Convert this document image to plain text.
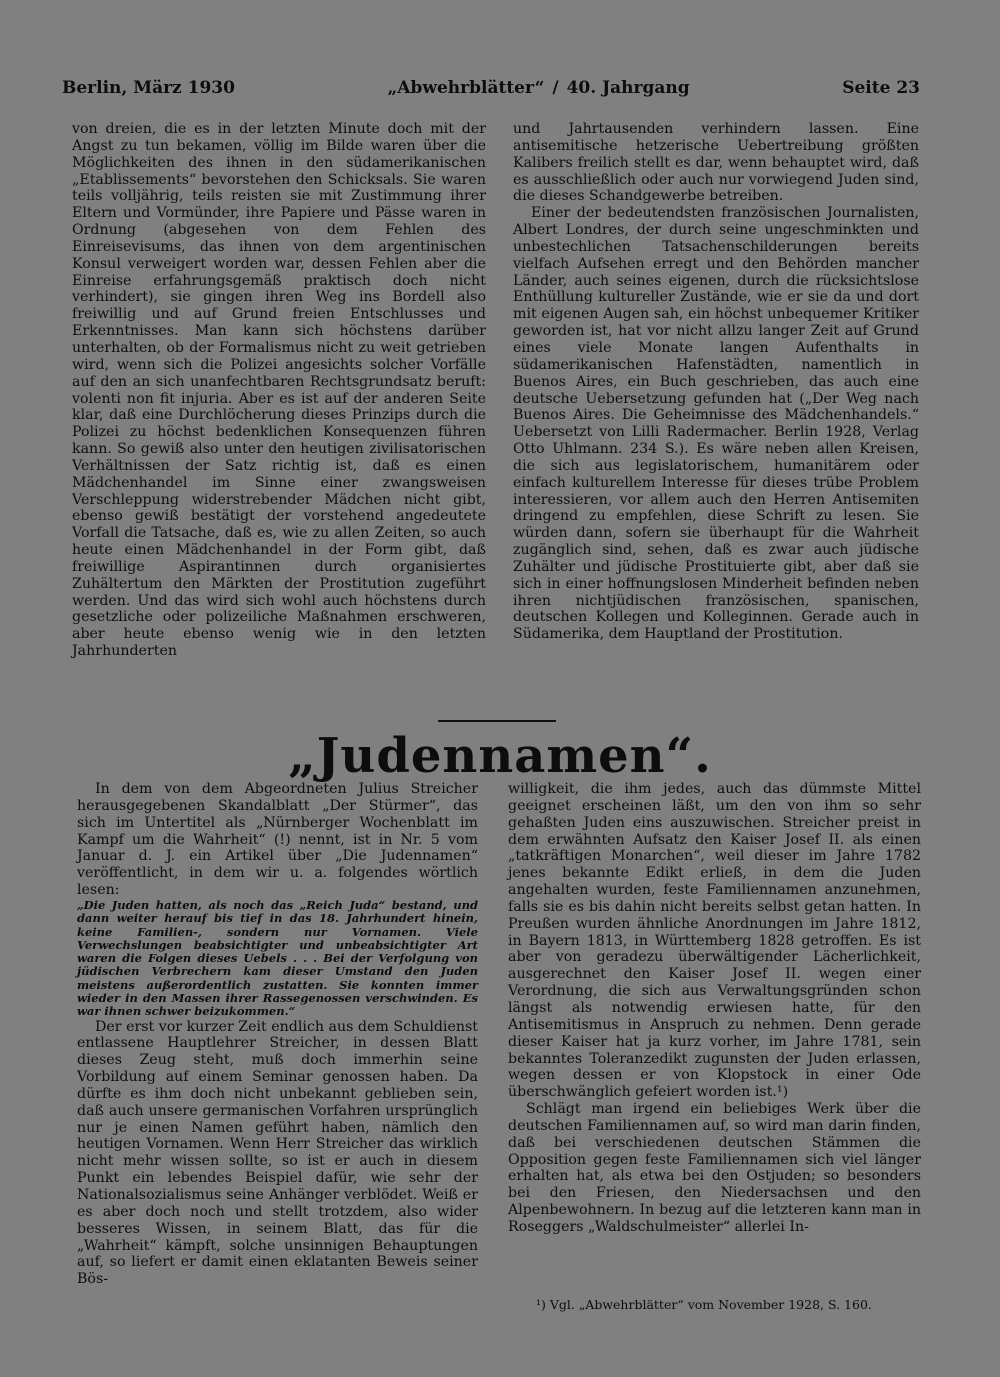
Berlin, März 1930	„Abwehrblätter“ / 40. Jahrgang	Seite 23

von dreien, die es in der letzten Minute doch mit der Angst zu tun bekamen, völlig im Bilde waren über die Möglichkeiten des ihnen in den südamerikanischen „Etablissements“ bevorstehen den Schicksals. Sie waren teils volljährig, teils reisten sie mit Zustimmung ihrer Eltern und Vormünder, ihre Papiere und Pässe waren in Ordnung (abgesehen von dem Fehlen des Einreisevisums, das ihnen von dem argentinischen Konsul verweigert worden war, dessen Fehlen aber die Einreise erfahrungsgemäß praktisch doch nicht verhindert), sie gingen ihren Weg ins Bordell also freiwillig und auf Grund freien Entschlusses und Erkenntnisses. Man kann sich höchstens darüber unterhalten, ob der Formalismus nicht zu weit getrieben wird, wenn sich die Polizei angesichts solcher Vorfälle auf den an sich unanfechtbaren Rechtsgrundsatz beruft: volenti non fit injuria. Aber es ist auf der anderen Seite klar, daß eine Durchlöcherung dieses Prinzips durch die Polizei zu höchst bedenklichen Konsequenzen führen kann. So gewiß also unter den heutigen zivilisatorischen Verhältnissen der Satz richtig ist, daß es einen Mädchenhandel im Sinne einer zwangsweisen Verschleppung widerstrebender Mädchen nicht gibt, ebenso gewiß bestätigt der vorstehend angedeutete Vorfall die Tatsache, daß es, wie zu allen Zeiten, so auch heute einen Mädchenhandel in der Form gibt, daß freiwillige Aspirantinnen durch organisiertes Zuhältertum den Märkten der Prostitution zugeführt werden. Und das wird sich wohl auch höchstens durch gesetzliche oder polizeiliche Maßnahmen erschweren, aber heute ebenso wenig wie in den letzten Jahrhunderten

und Jahrtausenden verhindern lassen. Eine antisemitische hetzerische Uebertreibung größten Kalibers freilich stellt es dar, wenn behauptet wird, daß es ausschließlich oder auch nur vorwiegend Juden sind, die dieses Schandgewerbe betreiben.

Einer der bedeutendsten französischen Journalisten, Albert Londres, der durch seine ungeschminkten und unbestechlichen Tatsachenschilderungen bereits vielfach Aufsehen erregt und den Behörden mancher Länder, auch seines eigenen, durch die rücksichtslose Enthüllung kultureller Zustände, wie er sie da und dort mit eigenen Augen sah, ein höchst unbequemer Kritiker geworden ist, hat vor nicht allzu langer Zeit auf Grund eines viele Monate langen Aufenthalts in südamerikanischen Hafenstädten, namentlich in Buenos Aires, ein Buch geschrieben, das auch eine deutsche Uebersetzung gefunden hat („Der Weg nach Buenos Aires. Die Geheimnisse des Mädchenhandels.“ Uebersetzt von Lilli Radermacher. Berlin 1928, Verlag Otto Uhlmann. 234 S.). Es wäre neben allen Kreisen, die sich aus legislatorischem, humanitärem oder einfach kulturellem Interesse für dieses trübe Problem interessieren, vor allem auch den Herren Antisemiten dringend zu empfehlen, diese Schrift zu lesen. Sie würden dann, sofern sie überhaupt für die Wahrheit zugänglich sind, sehen, daß es zwar auch jüdische Zuhälter und jüdische Prostituierte gibt, aber daß sie sich in einer hoffnungslosen Minderheit befinden neben ihren nichtjüdischen französischen, spanischen, deutschen Kollegen und Kolleginnen. Gerade auch in Südamerika, dem Hauptland der Prostitution.

„Judennamen“.

In dem von dem Abgeordneten Julius Streicher herausgegebenen Skandalblatt „Der Stürmer“, das sich im Untertitel als „Nürnberger Wochenblatt im Kampf um die Wahrheit“ (!) nennt, ist in Nr. 5 vom Januar d. J. ein Artikel über „Die Judennamen“ veröffentlicht, in dem wir u. a. folgendes wörtlich lesen:

„Die Juden hatten, als noch das „Reich Juda“ bestand, und dann weiter herauf bis tief in das 18. Jahrhundert hinein, keine Familien-, sondern nur Vornamen. Viele Verwechslungen beabsichtigter und unbeabsichtigter Art waren die Folgen dieses Uebels . . . Bei der Verfolgung von jüdischen Verbrechern kam dieser Umstand den Juden meistens außerordentlich zustatten. Sie konnten immer wieder in den Massen ihrer Rassegenossen verschwinden. Es war ihnen schwer beizukommen.“

Der erst vor kurzer Zeit endlich aus dem Schuldienst entlassene Hauptlehrer Streicher, in dessen Blatt dieses Zeug steht, muß doch immerhin seine Vorbildung auf einem Seminar genossen haben. Da dürfte es ihm doch nicht unbekannt geblieben sein, daß auch unsere germanischen Vorfahren ursprünglich nur je einen Namen geführt haben, nämlich den heutigen Vornamen. Wenn Herr Streicher das wirklich nicht mehr wissen sollte, so ist er auch in diesem Punkt ein lebendes Beispiel dafür, wie sehr der Nationalsozialismus seine Anhänger verblödet. Weiß er es aber doch noch und stellt trotzdem, also wider besseres Wissen, in seinem Blatt, das für die „Wahrheit“ kämpft, solche unsinnigen Behauptungen auf, so liefert er damit einen eklatanten Beweis seiner Bös-

willigkeit, die ihm jedes, auch das dümmste Mittel geeignet erscheinen läßt, um den von ihm so sehr gehaßten Juden eins auszuwischen. Streicher preist in dem erwähnten Aufsatz den Kaiser Josef II. als einen „tatkräftigen Monarchen“, weil dieser im Jahre 1782 jenes bekannte Edikt erließ, in dem die Juden angehalten wurden, feste Familiennamen anzunehmen, falls sie es bis dahin nicht bereits selbst getan hatten. In Preußen wurden ähnliche Anordnungen im Jahre 1812, in Bayern 1813, in Württemberg 1828 getroffen. Es ist aber von geradezu überwältigender Lächerlichkeit, ausgerechnet den Kaiser Josef II. wegen einer Verordnung, die sich aus Verwaltungsgründen schon längst als notwendig erwiesen hatte, für den Antisemitismus in Anspruch zu nehmen. Denn gerade dieser Kaiser hat ja kurz vorher, im Jahre 1781, sein bekanntes Toleranzedikt zugunsten der Juden erlassen, wegen dessen er von Klopstock in einer Ode überschwänglich gefeiert worden ist.¹)

Schlägt man irgend ein beliebiges Werk über die deutschen Familiennamen auf, so wird man darin finden, daß bei verschiedenen deutschen Stämmen die Opposition gegen feste Familiennamen sich viel länger erhalten hat, als etwa bei den Ostjuden; so besonders bei den Friesen, den Niedersachsen und den Alpenbewohnern. In bezug auf die letzteren kann man in Roseggers „Waldschulmeister“ allerlei In-

¹) Vgl. „Abwehrblätter“ vom November 1928, S. 160.
